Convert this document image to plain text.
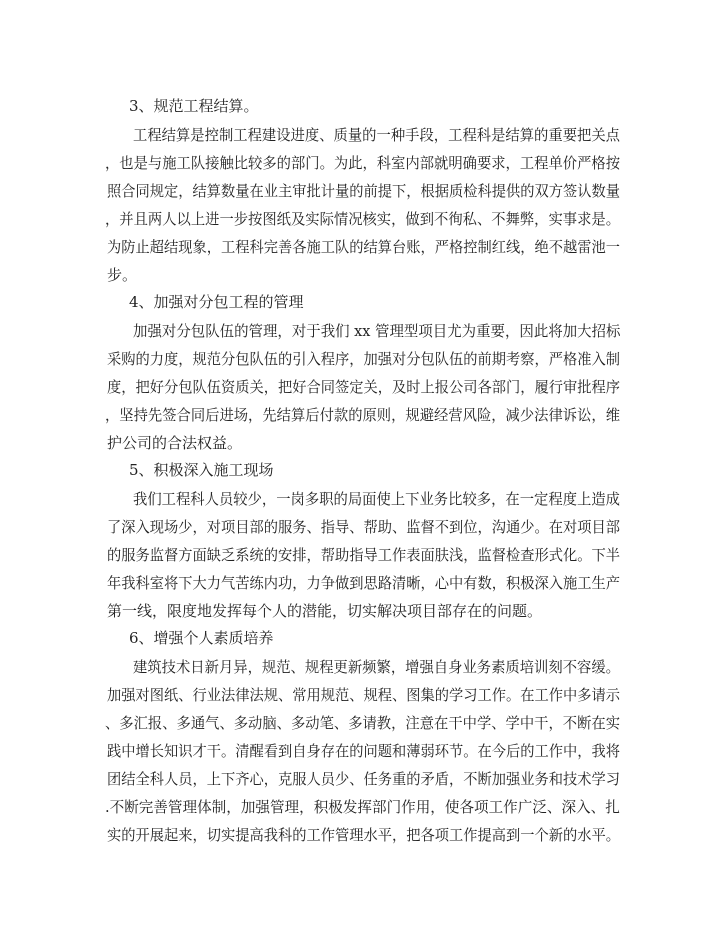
3、规范工程结算。
工程结算是控制工程建设进度、质量的一种手段，工程科是结算的重要把关点
，也是与施工队接触比较多的部门。为此，科室内部就明确要求，工程单价严格按
照合同规定，结算数量在业主审批计量的前提下，根据质检科提供的双方签认数量
，并且两人以上进一步按图纸及实际情况核实，做到不徇私、不舞弊，实事求是。
为防止超结现象，工程科完善各施工队的结算台账，严格控制红线，绝不越雷池一
步。
4、加强对分包工程的管理
加强对分包队伍的管理，对于我们 xx 管理型项目尤为重要，因此将加大招标
采购的力度，规范分包队伍的引入程序，加强对分包队伍的前期考察，严格准入制
度，把好分包队伍资质关，把好合同签定关，及时上报公司各部门，履行审批程序
，坚持先签合同后进场，先结算后付款的原则，规避经营风险，减少法律诉讼，维
护公司的合法权益。
5、积极深入施工现场
我们工程科人员较少，一岗多职的局面使上下业务比较多，在一定程度上造成
了深入现场少，对项目部的服务、指导、帮助、监督不到位，沟通少。在对项目部
的服务监督方面缺乏系统的安排，帮助指导工作表面肤浅，监督检查形式化。下半
年我科室将下大力气苦练内功，力争做到思路清晰，心中有数，积极深入施工生产
第一线，限度地发挥每个人的潜能，切实解决项目部存在的问题。
6、增强个人素质培养
建筑技术日新月异，规范、规程更新频繁，增强自身业务素质培训刻不容缓。
加强对图纸、行业法律法规、常用规范、规程、图集的学习工作。在工作中多请示
、多汇报、多通气、多动脑、多动笔、多请教，注意在干中学、学中干，不断在实
践中增长知识才干。清醒看到自身存在的问题和薄弱环节。在今后的工作中，我将
团结全科人员，上下齐心，克服人员少、任务重的矛盾，不断加强业务和技术学习
.不断完善管理体制，加强管理，积极发挥部门作用，使各项工作广泛、深入、扎
实的开展起来，切实提高我科的工作管理水平，把各项工作提高到一个新的水平。
